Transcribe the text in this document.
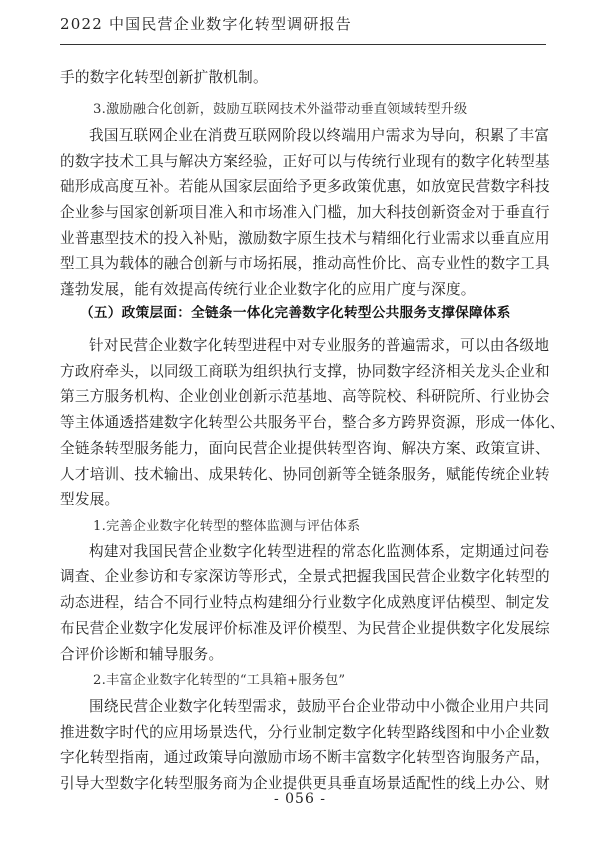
2022 中国民营企业数字化转型调研报告
手的数字化转型创新扩散机制。
3.激励融合化创新，鼓励互联网技术外溢带动垂直领域转型升级
我国互联网企业在消费互联网阶段以终端用户需求为导向，积累了丰富
的数字技术工具与解决方案经验，正好可以与传统行业现有的数字化转型基
础形成高度互补。若能从国家层面给予更多政策优惠，如放宽民营数字科技
企业参与国家创新项目准入和市场准入门槛，加大科技创新资金对于垂直行
业普惠型技术的投入补贴，激励数字原生技术与精细化行业需求以垂直应用
型工具为载体的融合创新与市场拓展，推动高性价比、高专业性的数字工具
蓬勃发展，能有效提高传统行业企业数字化的应用广度与深度。
（五）政策层面：全链条一体化完善数字化转型公共服务支撑保障体系
针对民营企业数字化转型进程中对专业服务的普遍需求，可以由各级地
方政府牵头，以同级工商联为组织执行支撑，协同数字经济相关龙头企业和
第三方服务机构、企业创业创新示范基地、高等院校、科研院所、行业协会
等主体通透搭建数字化转型公共服务平台，整合多方跨界资源，形成一体化、
全链条转型服务能力，面向民营企业提供转型咨询、解决方案、政策宣讲、
人才培训、技术输出、成果转化、协同创新等全链条服务，赋能传统企业转
型发展。
1.完善企业数字化转型的整体监测与评估体系
构建对我国民营企业数字化转型进程的常态化监测体系，定期通过问卷
调查、企业参访和专家深访等形式，全景式把握我国民营企业数字化转型的
动态进程，结合不同行业特点构建细分行业数字化成熟度评估模型、制定发
布民营企业数字化发展评价标准及评价模型、为民营企业提供数字化发展综
合评价诊断和辅导服务。
2.丰富企业数字化转型的“工具箱+服务包”
围绕民营企业数字化转型需求，鼓励平台企业带动中小微企业用户共同
推进数字时代的应用场景迭代，分行业制定数字化转型路线图和中小企业数
字化转型指南，通过政策导向激励市场不断丰富数字化转型咨询服务产品，
引导大型数字化转型服务商为企业提供更具垂直场景适配性的线上办公、财
- 056 -
